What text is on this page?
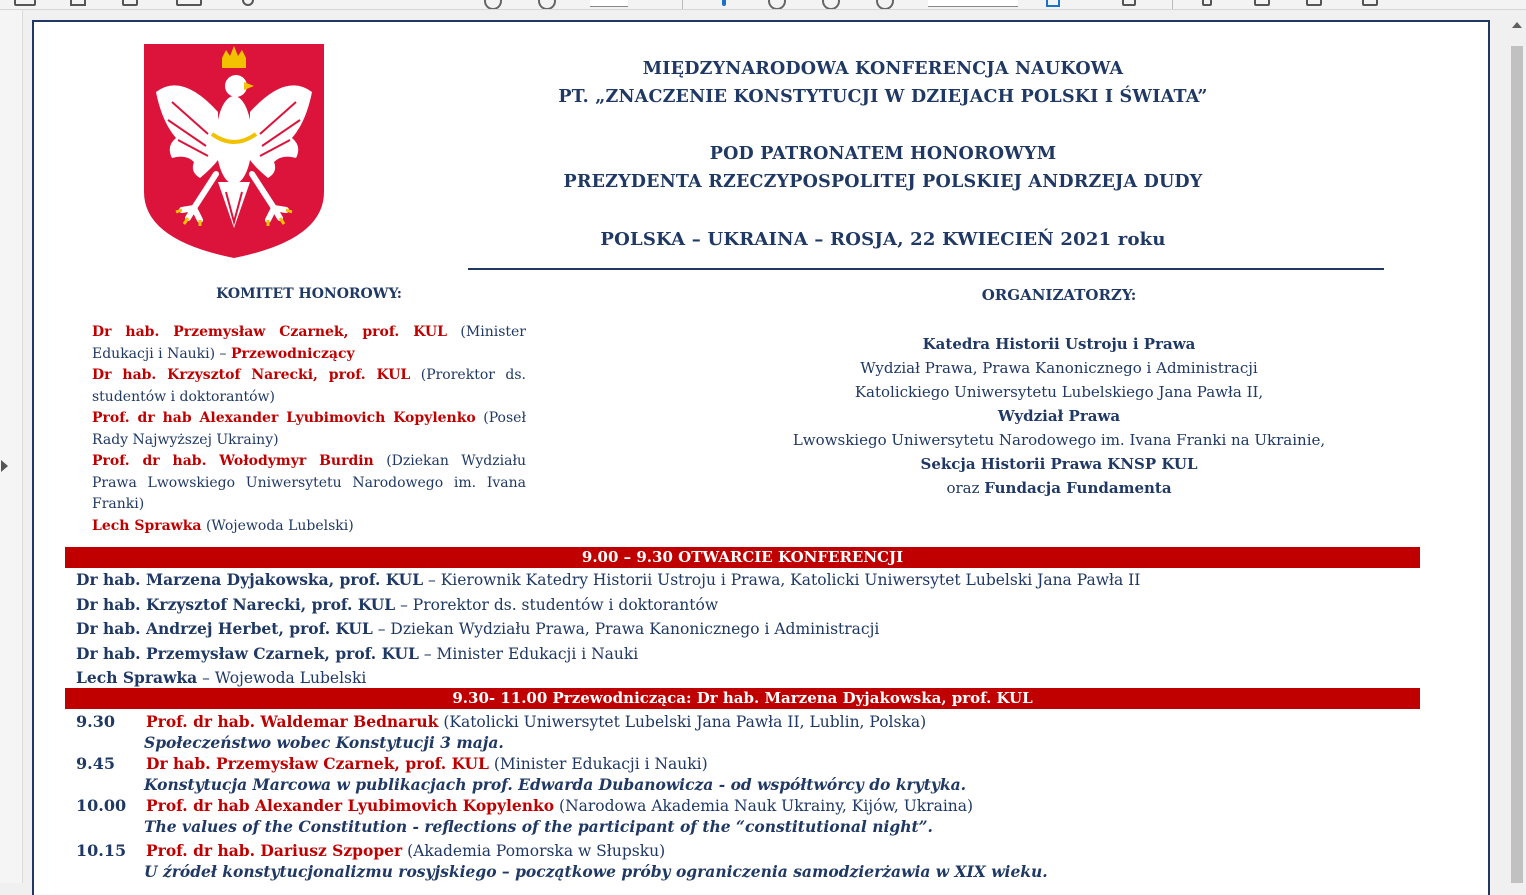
MIĘDZYNARODOWA KONFERENCJA NAUKOWA
PT. „ZNACZENIE KONSTYTUCJI W DZIEJACH POLSKI I ŚWIATA”
POD PATRONATEM HONOROWYM
PREZYDENTA RZECZYPOSPOLITEJ POLSKIEJ ANDRZEJA DUDY
POLSKA – UKRAINA – ROSJA, 22 KWIECIEŃ 2021 roku
KOMITET HONOROWY:

Dr hab. Przemysław Czarnek, prof. KUL (Minister Edukacji i Nauki) – Przewodniczący

Dr hab. Krzysztof Narecki, prof. KUL (Prorektor ds. studentów i doktorantów)

Prof. dr hab Alexander Lyubimovich Kopylenko (Poseł Rady Najwyższej Ukrainy)

Prof. dr hab. Wołodymyr Burdin (Dziekan Wydziału Prawa Lwowskiego Uniwersytetu Narodowego im. Ivana Franki)

Lech Sprawka (Wojewoda Lubelski)

ORGANIZATORZY:
Katedra Historii Ustroju i Prawa
Wydział Prawa, Prawa Kanonicznego i Administracji
Katolickiego Uniwersytetu Lubelskiego Jana Pawła II,
Wydział Prawa
Lwowskiego Uniwersytetu Narodowego im. Ivana Franki na Ukrainie,
Sekcja Historii Prawa KNSP KUL
oraz Fundacja Fundamenta
9.00 – 9.30 OTWARCIE KONFERENCJI
Dr hab. Marzena Dyjakowska, prof. KUL – Kierownik Katedry Historii Ustroju i Prawa, Katolicki Uniwersytet Lubelski Jana Pawła II
Dr hab. Krzysztof Narecki, prof. KUL – Prorektor ds. studentów i doktorantów
Dr hab. Andrzej Herbet, prof. KUL – Dziekan Wydziału Prawa, Prawa Kanonicznego i Administracji
Dr hab. Przemysław Czarnek, prof. KUL – Minister Edukacji i Nauki
Lech Sprawka – Wojewoda Lubelski
9.30- 11.00 Przewodnicząca: Dr hab. Marzena Dyjakowska, prof. KUL
9.30 Prof. dr hab. Waldemar Bednaruk (Katolicki Uniwersytet Lubelski Jana Pawła II, Lublin, Polska)
Społeczeństwo wobec Konstytucji 3 maja.
9.45 Dr hab. Przemysław Czarnek, prof. KUL (Minister Edukacji i Nauki)
Konstytucja Marcowa w publikacjach prof. Edwarda Dubanowicza - od współtwórcy do krytyka.
10.00 Prof. dr hab Alexander Lyubimovich Kopylenko (Narodowa Akademia Nauk Ukrainy, Kijów, Ukraina)
The values of the Constitution - reflections of the participant of the “constitutional night”.
10.15 Prof. dr hab. Dariusz Szpoper (Akademia Pomorska w Słupsku)
U źródeł konstytucjonalizmu rosyjskiego – początkowe próby ograniczenia samodzierżawia w XIX wieku.
